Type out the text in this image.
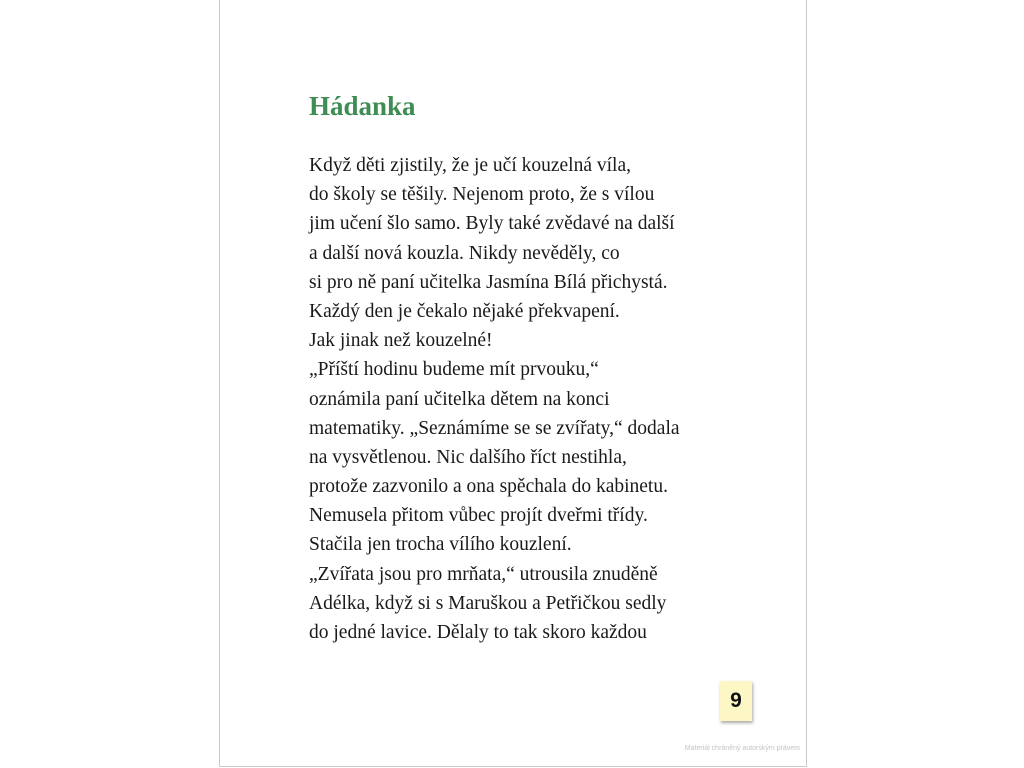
Hádanka
Když děti zjistily, že je učí kouzelná víla,
do školy se těšily. Nejenom proto, že s vílou
jim učení šlo samo. Byly také zvědavé na další
a další nová kouzla. Nikdy nevěděly, co
si pro ně paní učitelka Jasmína Bílá přichystá.
Každý den je čekalo nějaké překvapení.
Jak jinak než kouzelné!
„Příští hodinu budeme mít prvouku,“
oznámila paní učitelka dětem na konci
matematiky. „Seznámíme se se zvířaty,“ dodala
na vysvětlenou. Nic dalšího říct nestihla,
protože zazvonilo a ona spěchala do kabinetu.
Nemusela přitom vůbec projít dveřmi třídy.
Stačila jen trocha vílího kouzlení.
„Zvířata jsou pro mrňata,“ utrousila znuděně
Adélka, když si s Maruškou a Petřičkou sedly
do jedné lavice. Dělaly to tak skoro každou
9
Materiál chráněný autorským právem
